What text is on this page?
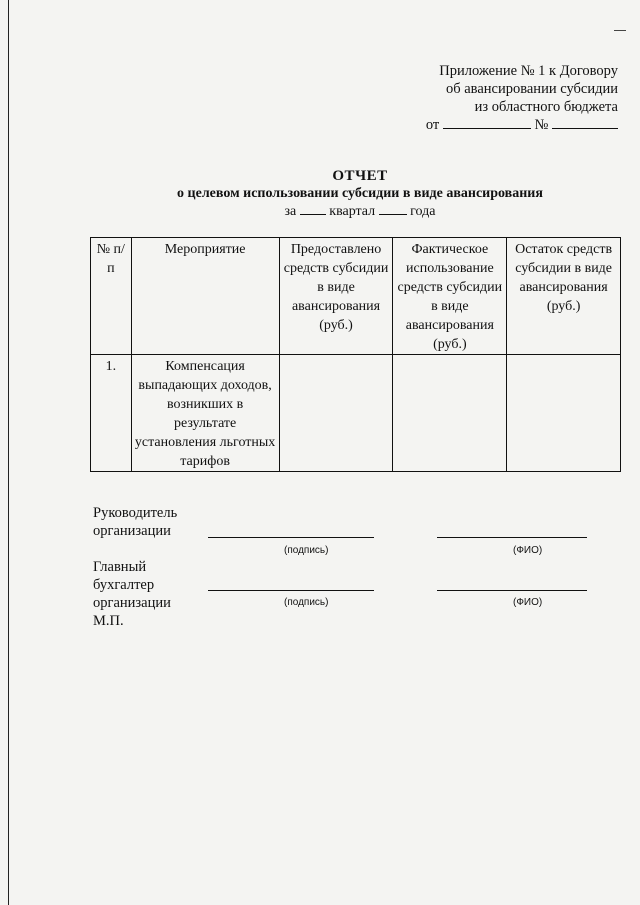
Приложение № 1 к Договору
об авансировании субсидии
из областного бюджета
от	№
ОТЧЕТ
о целевом использовании субсидии в виде авансирования
за квартал	года
№ п/п	Мероприятие	Предоставлено средств субсидии в виде авансирования (руб.)	Фактическое использование средств субсидии в виде авансирования (руб.)	Остаток средств субсидии в виде авансирования (руб.)
1.	Компенсация выпадающих доходов, возникших в результате установления льготных тарифов			
Руководитель
организации
(подпись)	(ФИО)
Главный
бухгалтер
организации
М.П.
(подпись)	(ФИО)
